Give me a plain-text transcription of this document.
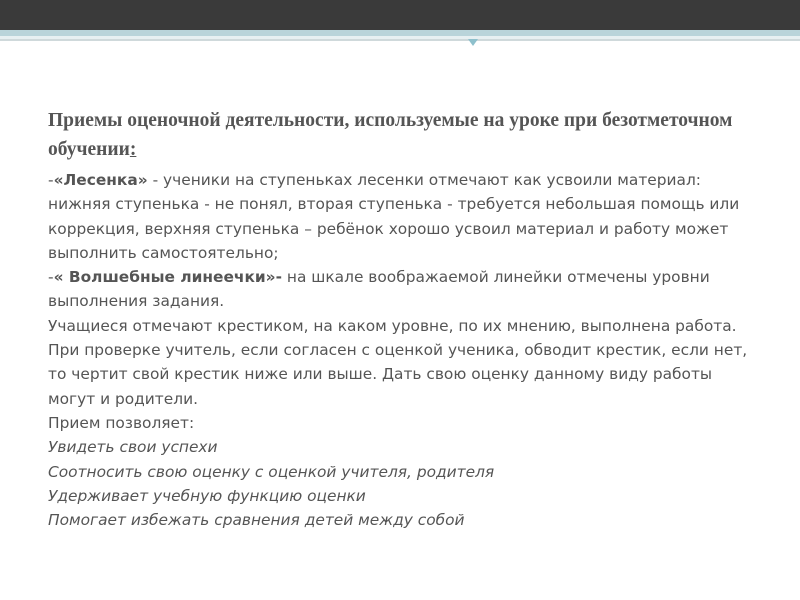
Приемы оценочной деятельности, используемые на уроке при безотметочном обучении:

-«Лесенка» - ученики на ступеньках лесенки отмечают как усвоили материал: нижняя ступенька - не понял, вторая ступенька - требуется небольшая помощь или коррекция, верхняя ступенька – ребёнок хорошо усвоил материал и работу может выполнить самостоятельно;

-« Волшебные линеечки»- на шкале воображаемой линейки отмечены уровни выполнения задания.

Учащиеся отмечают крестиком, на каком уровне, по их мнению, выполнена работа. При проверке учитель, если согласен с оценкой ученика, обводит крестик, если нет, то чертит свой крестик ниже или выше. Дать свою оценку данному виду работы могут и родители.

Прием позволяет:

Увидеть свои успехи

Соотносить свою оценку с оценкой учителя, родителя

Удерживает учебную функцию оценки

Помогает избежать сравнения детей между собой
